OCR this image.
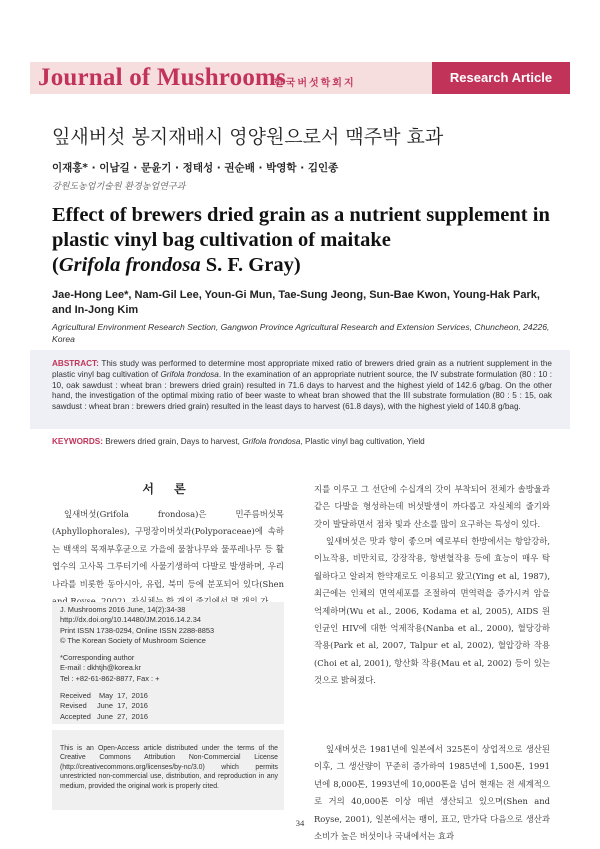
Journal of Mushrooms
한국버섯학회지	Research Article
잎새버섯 봉지재배시 영양원으로서 맥주박 효과
이재홍* · 이남길 · 문윤기 · 정태성 · 권순배 · 박영학 · 김인종
강원도농업기술원 환경농업연구과
Effect of brewers dried grain as a nutrient supplement in
plastic vinyl bag cultivation of maitake
(Grifola frondosa S. F. Gray)
Jae-Hong Lee*, Nam-Gil Lee, Youn-Gi Mun, Tae-Sung Jeong, Sun-Bae Kwon, Young-Hak Park, and In-Jong Kim
Agricultural Environment Research Section, Gangwon Province Agricultural Research and Extension Services, Chuncheon, 24226, Korea
ABSTRACT: This study was performed to determine most appropriate mixed ratio of brewers dried grain as a nutrient supplement in the plastic vinyl bag cultivation of Grifola frondosa. In the examination of an appropriate nutrient source, the IV substrate formulation (80 : 10 : 10, oak sawdust : wheat bran : brewers dried grain) resulted in 71.6 days to harvest and the highest yield of 142.6 g/bag. On the other hand, the investigation of the optimal mixing ratio of beer waste to wheat bran showed that the III substrate formulation (80 : 5 : 15, oak sawdust : wheat bran : brewers dried grain) resulted in the least days to harvest (61.8 days), with the highest yield of 140.8 g/bag.
KEYWORDS: Brewers dried grain, Days to harvest, Grifola frondosa, Plastic vinyl bag cultivation, Yield
서 론
잎새버섯(Grifola frondosa)은 민주름버섯목(Aphyllophorales), 구멍장이버섯과(Polyporaceae)에 속하는 백색의 목재부후균으로 가을에 물참나무와 물푸레나무 등 활엽수의 고사목 그루터기에 사물기생하여 다발로 발생하며, 우리나라를 비롯한 동아시아, 유럽, 북미 등에 분포되어 있다(Shen
J. Mushrooms 2016 June, 14(2):34-38
http://dx.doi.org/10.14480/JM.2016.14.2.34
Print ISSN 1738-0294, Online ISSN 2288-8853
© The Korean Society of Mushroom Science
*Corresponding author
E-mail : dkhtjh@korea.kr
Tel : +82-61-862-8877, Fax : +
Received    May  17,  2016
Revised     June  17,  2016
Accepted   June  27,  2016
This is an Open-Access article distributed under the terms of the Creative Commons Attribution Non-Commercial License (http://creativecommons.org/licenses/by-nc/3.0) which permits unrestricted non-commercial use, distribution, and reproduction in any medium, provided the original work is properly cited.
지를 이루고 그 선단에 수십개의 갓이 부착되어 전체가 솔방울과 같은 다발을 형성하는데 버섯발생이 까다롭고 자실체의 줄기와 갓이 발달하면서 점차 빛과 산소를 많이 요구하는 특성이 있다.
잎새버섯은 맛과 향이 좋으며 예로부터 한방에서는 항암강하, 이뇨작용, 비만치료, 강장작용, 항변혈작용 등에 효능이 매우 탁월하다고 알려져 한약재로도 이용되고 왔고(Ying et al, 1987), 최근에는 인체의 면역세포를 조절하여 면역력을 증가시켜 암을 억제하며(Wu et al., 2006, Kodama et al, 2005), AIDS 원인균인 HIV에 대한 억제작용(Nanba et al., 2000), 혈당강하 작용(Park et al, 2007, Talpur et al, 2002), 혈압강하 작용(Choi et al, 2001), 항산화 작용(Mau et al, 2002) 등이 있는 것으로 밝혀졌다.
잎새버섯은 1981년에 일본에서 325톤이 상업적으로 생산된 이후, 그 생산량이 꾸준히 증가하여 1985년에 1,500톤, 1991년에 8,000톤, 1993년에 10,000톤을 넘어 현재는 전 세계적으로 거의 40,000톤 이상 매년 생산되고 있으며(Shen and Royse, 2001), 일본에서는 팽이, 표고, 만가닥 다음으로 생산과 소비가 높은 버섯이나 국내에서는 효과
34
